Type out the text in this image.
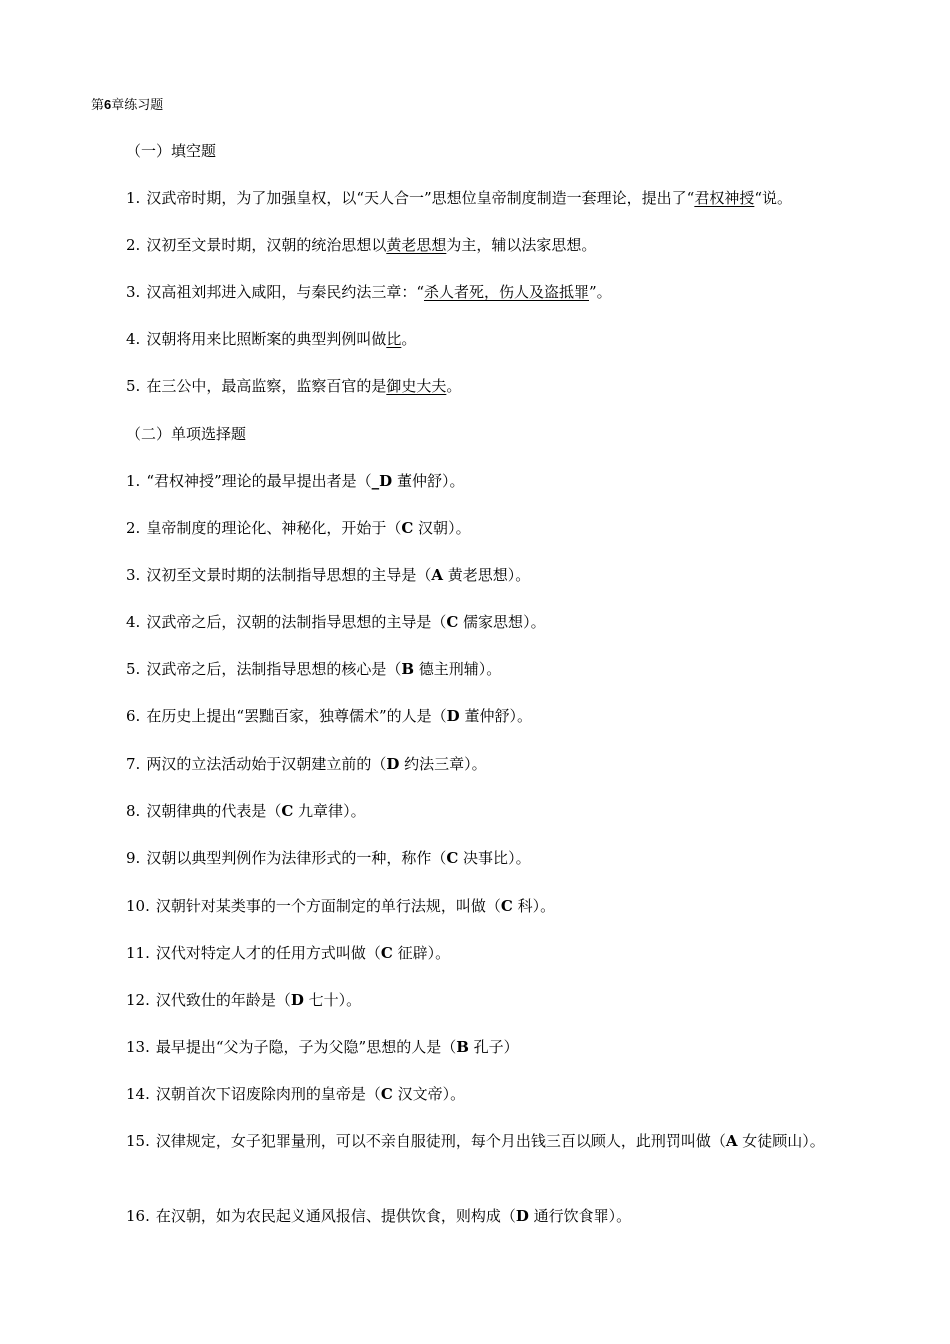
第6章练习题
（一）填空题
1. 汉武帝时期，为了加强皇权，以“天人合一”思想位皇帝制度制造一套理论，提出了“君权神授“说。
2. 汉初至文景时期，汉朝的统治思想以黄老思想为主，辅以法家思想。
3. 汉高祖刘邦进入咸阳，与秦民约法三章：“杀人者死，伤人及盗抵罪”。
4. 汉朝将用来比照断案的典型判例叫做比。
5. 在三公中，最高监察，监察百官的是御史大夫。
（二）单项选择题
1. “君权神授”理论的最早提出者是（_D 董仲舒）。
2. 皇帝制度的理论化、神秘化，开始于（C 汉朝）。
3. 汉初至文景时期的法制指导思想的主导是（A 黄老思想）。
4. 汉武帝之后，汉朝的法制指导思想的主导是（C 儒家思想）。
5. 汉武帝之后，法制指导思想的核心是（B 德主刑辅）。
6. 在历史上提出“罢黜百家，独尊儒术”的人是（D 董仲舒）。
7. 两汉的立法活动始于汉朝建立前的（D 约法三章）。
8. 汉朝律典的代表是（C 九章律）。
9. 汉朝以典型判例作为法律形式的一种，称作（C 决事比）。
10. 汉朝针对某类事的一个方面制定的单行法规，叫做（C 科）。
11. 汉代对特定人才的任用方式叫做（C 征辟）。
12. 汉代致仕的年龄是（D 七十）。
13. 最早提出“父为子隐，子为父隐”思想的人是（B 孔子）
14. 汉朝首次下诏废除肉刑的皇帝是（C 汉文帝）。
15. 汉律规定，女子犯罪量刑，可以不亲自服徒刑，每个月出钱三百以顾人，此刑罚叫做（A 女徒顾山）。
16. 在汉朝，如为农民起义通风报信、提供饮食，则构成（D 通行饮食罪）。
